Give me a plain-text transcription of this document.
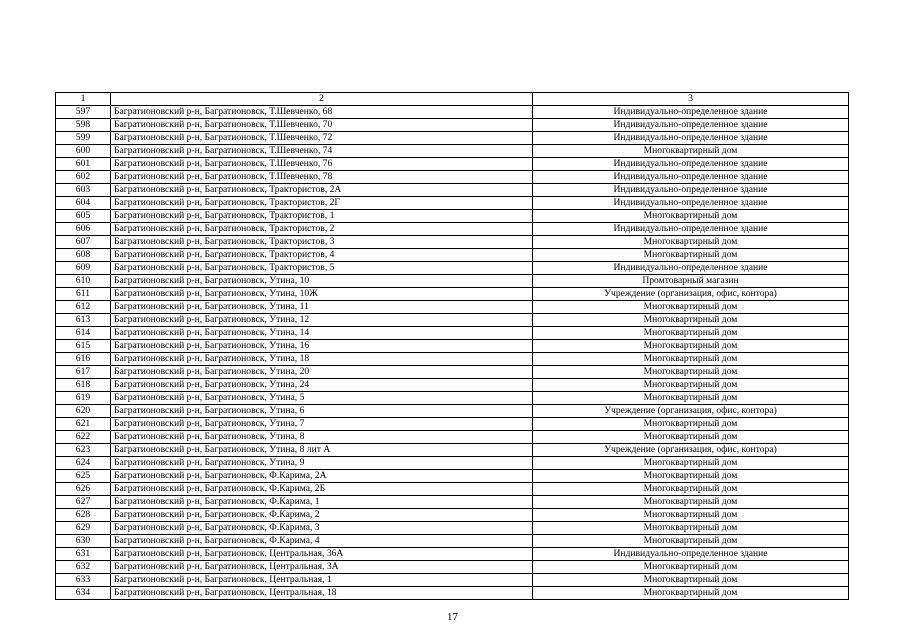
1	2	3
597	Багратионовский р-н, Багратионовск, Т.Шевченко, 68	Индивидуально-определенное здание
598	Багратионовский р-н, Багратионовск, Т.Шевченко, 70	Индивидуально-определенное здание
599	Багратионовский р-н, Багратионовск, Т.Шевченко, 72	Индивидуально-определенное здание
600	Багратионовский р-н, Багратионовск, Т.Шевченко, 74	Многоквартирный дом
601	Багратионовский р-н, Багратионовск, Т.Шевченко, 76	Индивидуально-определенное здание
602	Багратионовский р-н, Багратионовск, Т.Шевченко, 78	Индивидуально-определенное здание
603	Багратионовский р-н, Багратионовск, Трактористов, 2А	Индивидуально-определенное здание
604	Багратионовский р-н, Багратионовск, Трактористов, 2Г	Индивидуально-определенное здание
605	Багратионовский р-н, Багратионовск, Трактористов, 1	Многоквартирный дом
606	Багратионовский р-н, Багратионовск, Трактористов, 2	Индивидуально-определенное здание
607	Багратионовский р-н, Багратионовск, Трактористов, 3	Многоквартирный дом
608	Багратионовский р-н, Багратионовск, Трактористов, 4	Многоквартирный дом
609	Багратионовский р-н, Багратионовск, Трактористов, 5	Индивидуально-определенное здание
610	Багратионовский р-н, Багратионовск, Утина, 10	Промтоварный магазин
611	Багратионовский р-н, Багратионовск, Утина, 10Ж	Учреждение (организация, офис, контора)
612	Багратионовский р-н, Багратионовск, Утина, 11	Многоквартирный дом
613	Багратионовский р-н, Багратионовск, Утина, 12	Многоквартирный дом
614	Багратионовский р-н, Багратионовск, Утина, 14	Многоквартирный дом
615	Багратионовский р-н, Багратионовск, Утина, 16	Многоквартирный дом
616	Багратионовский р-н, Багратионовск, Утина, 18	Многоквартирный дом
617	Багратионовский р-н, Багратионовск, Утина, 20	Многоквартирный дом
618	Багратионовский р-н, Багратионовск, Утина, 24	Многоквартирный дом
619	Багратионовский р-н, Багратионовск, Утина, 5	Многоквартирный дом
620	Багратионовский р-н, Багратионовск, Утина, 6	Учреждение (организация, офис, контора)
621	Багратионовский р-н, Багратионовск, Утина, 7	Многоквартирный дом
622	Багратионовский р-н, Багратионовск, Утина, 8	Многоквартирный дом
623	Багратионовский р-н, Багратионовск, Утина, 8 лит А	Учреждение (организация, офис, контора)
624	Багратионовский р-н, Багратионовск, Утина, 9	Многоквартирный дом
625	Багратионовский р-н, Багратионовск, Ф.Карима, 2А	Многоквартирный дом
626	Багратионовский р-н, Багратионовск, Ф.Карима, 2Б	Многоквартирный дом
627	Багратионовский р-н, Багратионовск, Ф.Карима, 1	Многоквартирный дом
628	Багратионовский р-н, Багратионовск, Ф.Карима, 2	Многоквартирный дом
629	Багратионовский р-н, Багратионовск, Ф.Карима, 3	Многоквартирный дом
630	Багратионовский р-н, Багратионовск, Ф.Карима, 4	Многоквартирный дом
631	Багратионовский р-н, Багратионовск, Центральная, 36А	Индивидуально-определенное здание
632	Багратионовский р-н, Багратионовск, Центральная, 3А	Многоквартирный дом
633	Багратионовский р-н, Багратионовск, Центральная, 1	Многоквартирный дом
634	Багратионовский р-н, Багратионовск, Центральная, 18	Многоквартирный дом
17
